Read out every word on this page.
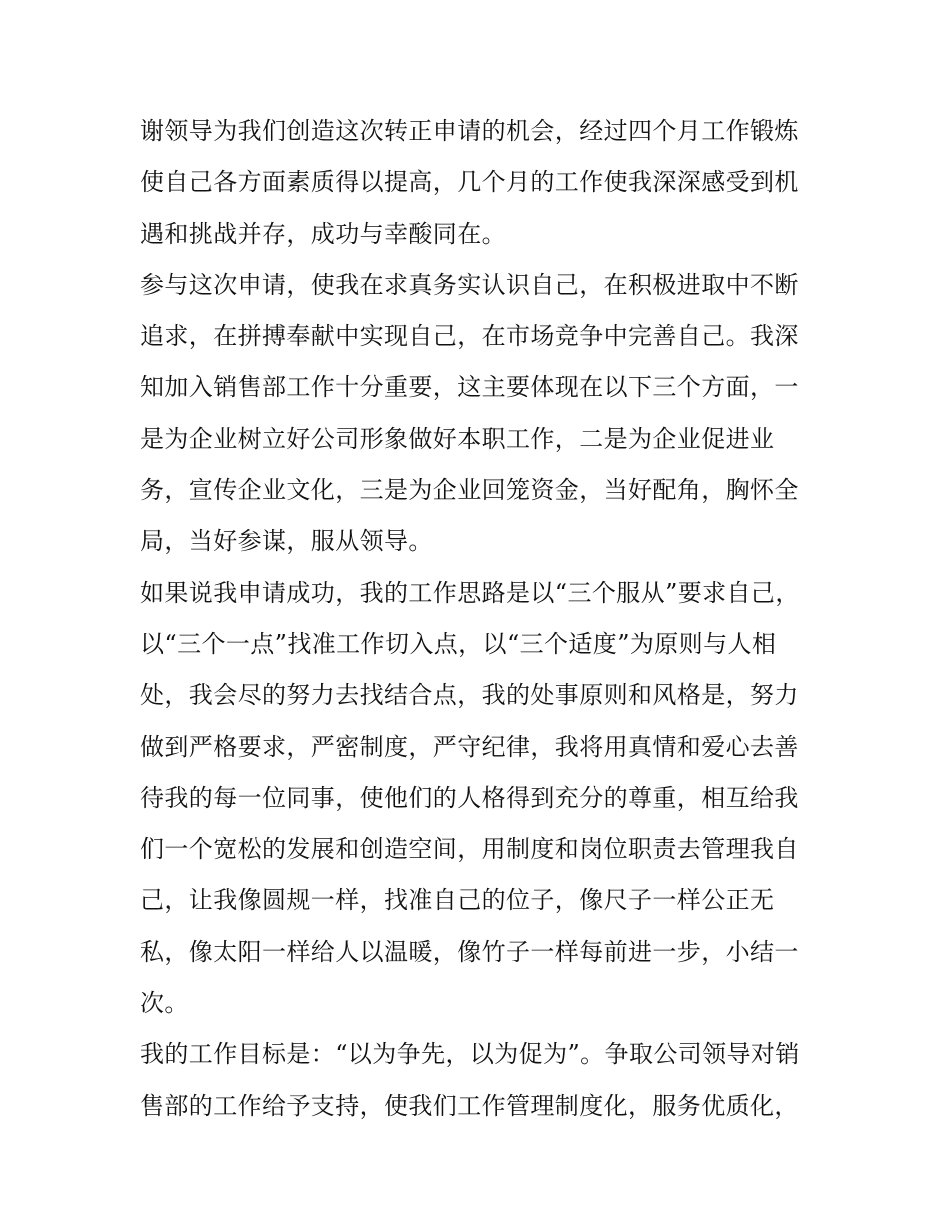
谢领导为我们创造这次转正申请的机会，经过四个月工作锻炼
使自己各方面素质得以提高，几个月的工作使我深深感受到机
遇和挑战并存，成功与幸酸同在。
参与这次申请，使我在求真务实认识自己，在积极进取中不断
追求，在拼搏奉献中实现自己，在市场竞争中完善自己。我深
知加入销售部工作十分重要，这主要体现在以下三个方面，一
是为企业树立好公司形象做好本职工作，二是为企业促进业
务，宣传企业文化，三是为企业回笼资金，当好配角，胸怀全
局，当好参谋，服从领导。
如果说我申请成功，我的工作思路是以“三个服从”要求自己，
以“三个一点”找准工作切入点，以“三个适度”为原则与人相
处，我会尽的努力去找结合点，我的处事原则和风格是，努力
做到严格要求，严密制度，严守纪律，我将用真情和爱心去善
待我的每一位同事，使他们的人格得到充分的尊重，相互给我
们一个宽松的发展和创造空间，用制度和岗位职责去管理我自
己，让我像圆规一样，找准自己的位子，像尺子一样公正无
私，像太阳一样给人以温暖，像竹子一样每前进一步，小结一
次。
我的工作目标是：“以为争先，以为促为”。争取公司领导对销
售部的工作给予支持，使我们工作管理制度化，服务优质化，
